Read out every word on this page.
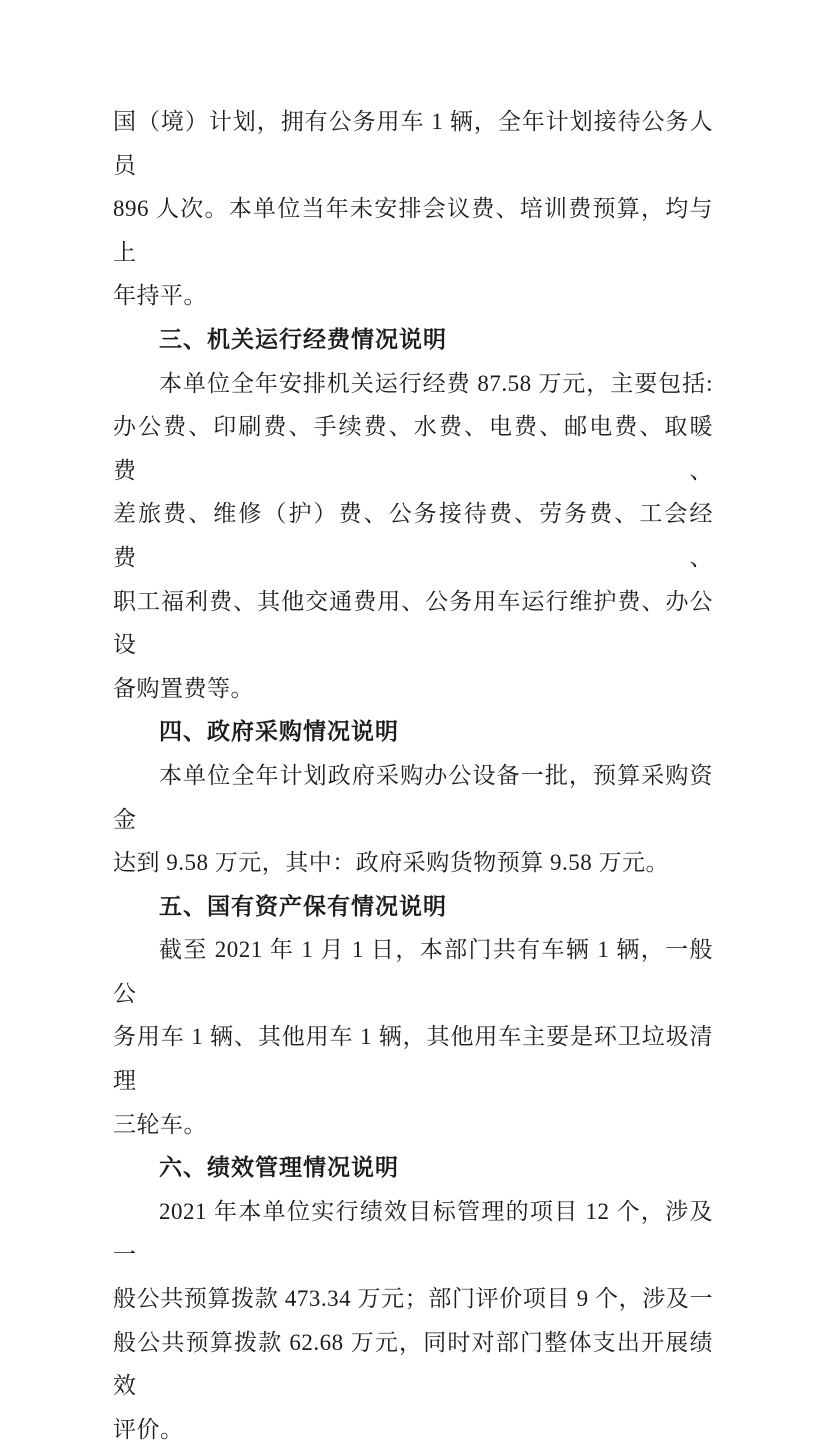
国（境）计划，拥有公务用车 1 辆，全年计划接待公务人员
896 人次。本单位当年未安排会议费、培训费预算，均与上
年持平。
三、机关运行经费情况说明
本单位全年安排机关运行经费 87.58 万元，主要包括:
办公费、印刷费、手续费、水费、电费、邮电费、取暖费、
差旅费、维修（护）费、公务接待费、劳务费、工会经费、
职工福利费、其他交通费用、公务用车运行维护费、办公设
备购置费等。
四、政府采购情况说明
本单位全年计划政府采购办公设备一批，预算采购资金
达到 9.58 万元，其中：政府采购货物预算 9.58 万元。
五、国有资产保有情况说明
截至 2021 年 1 月 1 日，本部门共有车辆 1 辆，一般公
务用车 1 辆、其他用车 1 辆，其他用车主要是环卫垃圾清理
三轮车。
六、绩效管理情况说明
2021 年本单位实行绩效目标管理的项目 12 个，涉及一
般公共预算拨款 473.34 万元；部门评价项目 9 个，涉及一
般公共预算拨款 62.68 万元，同时对部门整体支出开展绩效
评价。
